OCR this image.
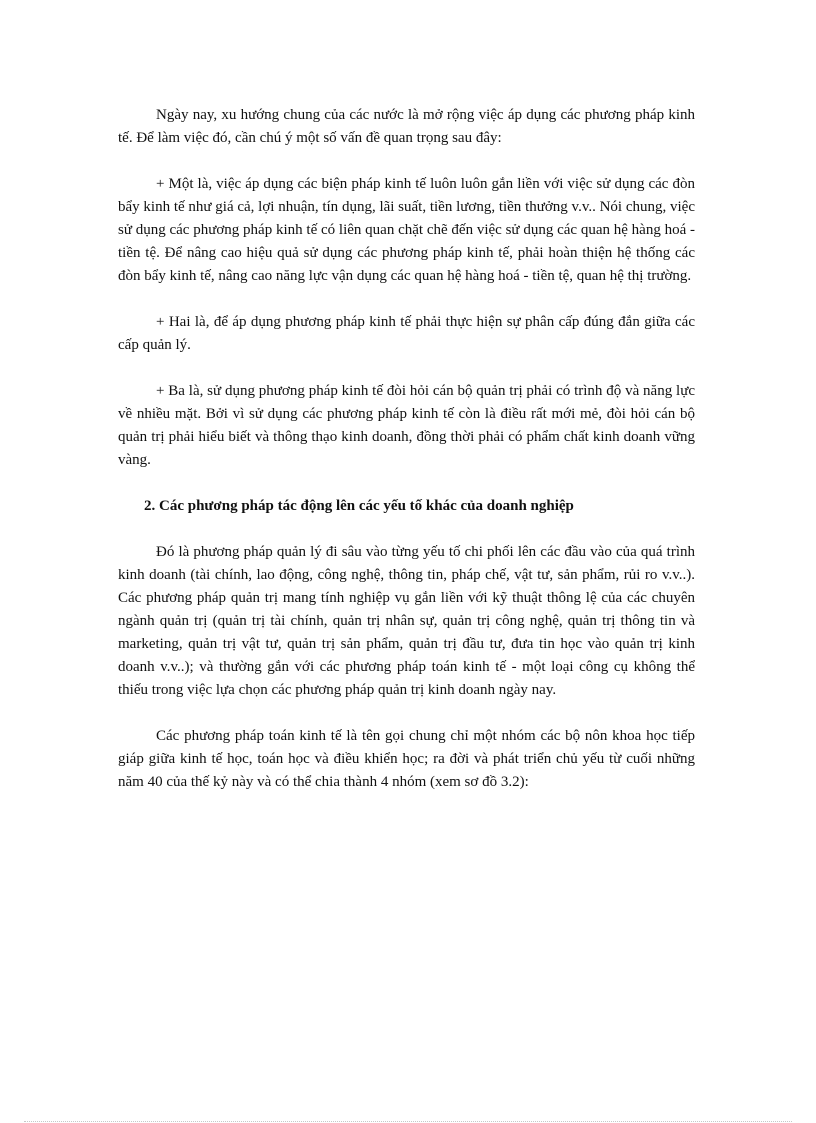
Ngày nay, xu hướng chung của các nước là mở rộng việc áp dụng các phương pháp kinh tế. Để làm việc đó, cần chú ý một số vấn đề quan trọng sau đây:

+ Một là, việc áp dụng các biện pháp kinh tế luôn luôn gắn liền với việc sử dụng các đòn bẩy kinh tế như giá cả, lợi nhuận, tín dụng, lãi suất, tiền lương, tiền thưởng v.v.. Nói chung, việc sử dụng các phương pháp kinh tế có liên quan chặt chẽ đến việc sử dụng các quan hệ hàng hoá - tiền tệ. Để nâng cao hiệu quả sử dụng các phương pháp kinh tế, phải hoàn thiện hệ thống các đòn bẩy kinh tế, nâng cao năng lực vận dụng các quan hệ hàng hoá - tiền tệ, quan hệ thị trường.

+ Hai là, để áp dụng phương pháp kinh tế phải thực hiện sự phân cấp đúng đắn giữa các cấp quản lý.

+ Ba là, sử dụng phương pháp kinh tế đòi hỏi cán bộ quản trị phải có trình độ và năng lực về nhiều mặt. Bởi vì sử dụng các phương pháp kinh tế còn là điều rất mới mẻ, đòi hỏi cán bộ quản trị phải hiểu biết và thông thạo kinh doanh, đồng thời phải có phẩm chất kinh doanh vững vàng.

2. Các phương pháp tác động lên các yếu tố khác của doanh nghiệp

Đó là phương pháp quản lý đi sâu vào từng yếu tố chi phối lên các đầu vào của quá trình kinh doanh (tài chính, lao động, công nghệ, thông tin, pháp chế, vật tư, sản phẩm, rủi ro v.v..). Các phương pháp quản trị mang tính nghiệp vụ gắn liền với kỹ thuật thông lệ của các chuyên ngành quản trị (quản trị tài chính, quản trị nhân sự, quản trị công nghệ, quản trị thông tin và marketing, quản trị vật tư, quản trị sản phẩm, quản trị đầu tư, đưa tin học vào quản trị kinh doanh v.v..); và thường gắn với các phương pháp toán kinh tế - một loại công cụ không thể thiếu trong việc lựa chọn các phương pháp quản trị kinh doanh ngày nay.

Các phương pháp toán kinh tế là tên gọi chung chỉ một nhóm các bộ nôn khoa học tiếp giáp giữa kinh tế học, toán học và điều khiển học; ra đời và phát triển chủ yếu từ cuối những năm 40 của thế kỷ này và có thể chia thành 4 nhóm (xem sơ đồ 3.2):
